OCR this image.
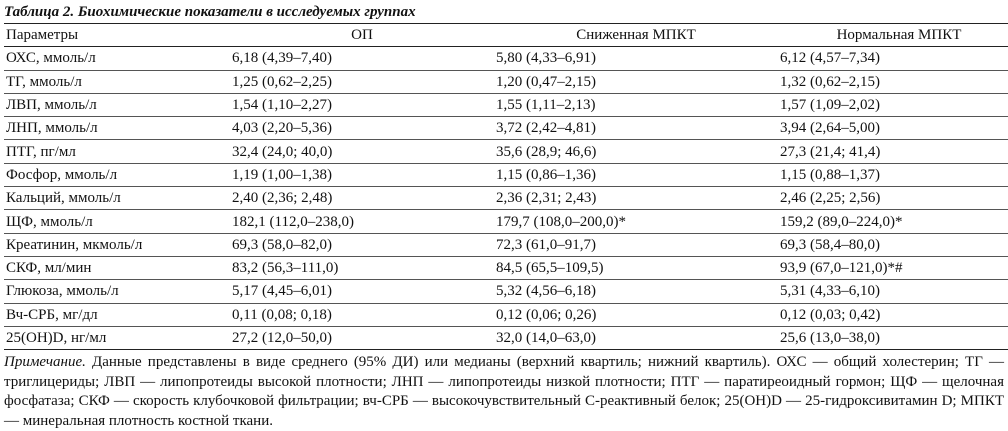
Таблица 2. Биохимические показатели в исследуемых группах
Параметры	ОП	Сниженная МПКТ	Нормальная МПКТ
ОХС, ммоль/л	6,18 (4,39–7,40)	5,80 (4,33–6,91)	6,12 (4,57–7,34)
ТГ, ммоль/л	1,25 (0,62–2,25)	1,20 (0,47–2,15)	1,32 (0,62–2,15)
ЛВП, ммоль/л	1,54 (1,10–2,27)	1,55 (1,11–2,13)	1,57 (1,09–2,02)
ЛНП, ммоль/л	4,03 (2,20–5,36)	3,72 (2,42–4,81)	3,94 (2,64–5,00)
ПТГ, пг/мл	32,4 (24,0; 40,0)	35,6 (28,9; 46,6)	27,3 (21,4; 41,4)
Фосфор, ммоль/л	1,19 (1,00–1,38)	1,15 (0,86–1,36)	1,15 (0,88–1,37)
Кальций, ммоль/л	2,40 (2,36; 2,48)	2,36 (2,31; 2,43)	2,46 (2,25; 2,56)
ЩФ, ммоль/л	182,1 (112,0–238,0)	179,7 (108,0–200,0)*	159,2 (89,0–224,0)*
Креатинин, мкмоль/л	69,3 (58,0–82,0)	72,3 (61,0–91,7)	69,3 (58,4–80,0)
СКФ, мл/мин	83,2 (56,3–111,0)	84,5 (65,5–109,5)	93,9 (67,0–121,0)*#
Глюкоза, ммоль/л	5,17 (4,45–6,01)	5,32 (4,56–6,18)	5,31 (4,33–6,10)
Вч-СРБ, мг/дл	0,11 (0,08; 0,18)	0,12 (0,06; 0,26)	0,12 (0,03; 0,42)
25(OH)D, нг/мл	27,2 (12,0–50,0)	32,0 (14,0–63,0)	25,6 (13,0–38,0)
Примечание. Данные представлены в виде среднего (95% ДИ) или медианы (верхний квартиль; нижний квартиль). ОХС — общий холестерин; ТГ — триглицериды; ЛВП — липопротеиды высокой плотности; ЛНП — липопротеиды низкой плотности; ПТГ — паратиреоидный гормон; ЩФ — щелочная фосфатаза; СКФ — скорость клубочковой фильтрации; вч-СРБ — высокочувствительный С-реактивный белок; 25(OH)D — 25-гидроксивитамин D; МПКТ — минеральная плотность костной ткани.
